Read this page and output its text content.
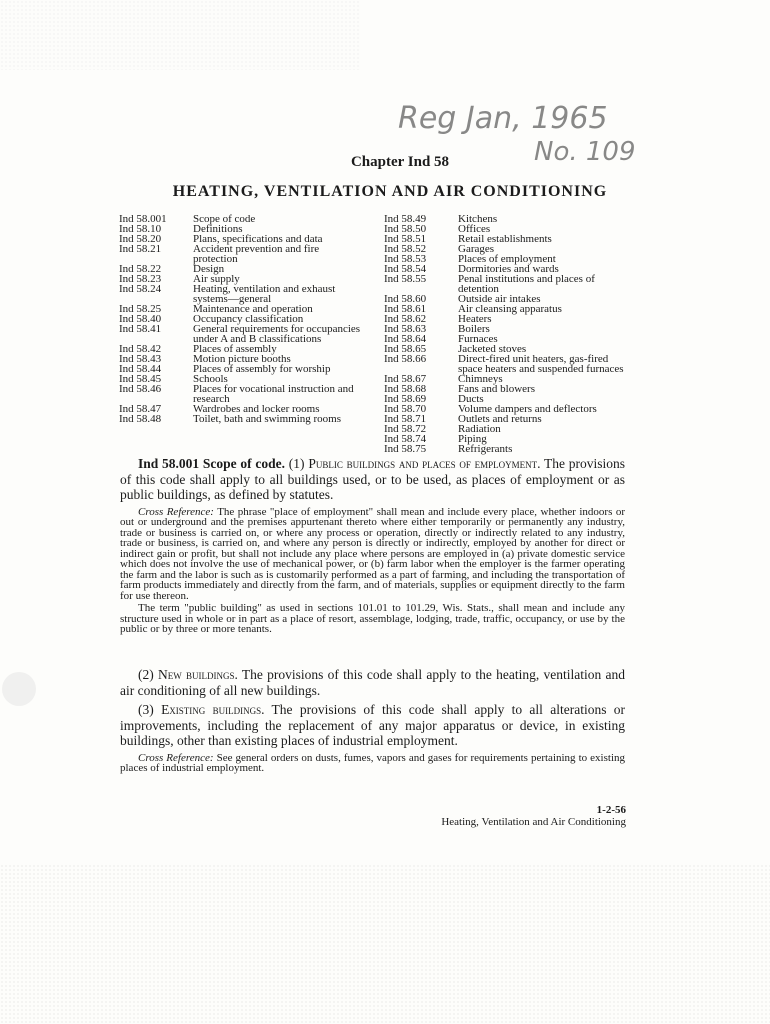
Reg Jan, 1965
No. 109
Chapter Ind 58
HEATING, VENTILATION AND AIR CONDITIONING
Ind 58.001	Scope of code
Ind 58.10	Definitions
Ind 58.20	Plans, specifications and data
Ind 58.21	Accident prevention and fire protection
Ind 58.22	Design
Ind 58.23	Air supply
Ind 58.24	Heating, ventilation and exhaust systems—general
Ind 58.25	Maintenance and operation
Ind 58.40	Occupancy classification
Ind 58.41	General requirements for occupancies under A and B classifications
Ind 58.42	Places of assembly
Ind 58.43	Motion picture booths
Ind 58.44	Places of assembly for worship
Ind 58.45	Schools
Ind 58.46	Places for vocational instruction and research
Ind 58.47	Wardrobes and locker rooms
Ind 58.48	Toilet, bath and swimming rooms
Ind 58.49	Kitchens
Ind 58.50	Offices
Ind 58.51	Retail establishments
Ind 58.52	Garages
Ind 58.53	Places of employment
Ind 58.54	Dormitories and wards
Ind 58.55	Penal institutions and places of detention
Ind 58.60	Outside air intakes
Ind 58.61	Air cleansing apparatus
Ind 58.62	Heaters
Ind 58.63	Boilers
Ind 58.64	Furnaces
Ind 58.65	Jacketed stoves
Ind 58.66	Direct-fired unit heaters, gas-fired space heaters and suspended furnaces
Ind 58.67	Chimneys
Ind 58.68	Fans and blowers
Ind 58.69	Ducts
Ind 58.70	Volume dampers and deflectors
Ind 58.71	Outlets and returns
Ind 58.72	Radiation
Ind 58.74	Piping
Ind 58.75	Refrigerants

Ind 58.001 Scope of code. (1) Public buildings and places of employment. The provisions of this code shall apply to all buildings used, or to be used, as places of employment or as public buildings, as defined by statutes.

Cross Reference: The phrase "place of employment" shall mean and include every place, whether indoors or out or underground and the premises appurtenant thereto where either temporarily or permanently any industry, trade or business is carried on, or where any process or operation, directly or indirectly related to any industry, trade or business, is carried on, and where any person is directly or indirectly, employed by another for direct or indirect gain or profit, but shall not include any place where persons are employed in (a) private domestic service which does not involve the use of mechanical power, or (b) farm labor when the employer is the farmer operating the farm and the labor is such as is customarily performed as a part of farming, and including the transportation of farm products immediately and directly from the farm, and of materials, supplies or equipment directly to the farm for use thereon.

The term "public building" as used in sections 101.01 to 101.29, Wis. Stats., shall mean and include any structure used in whole or in part as a place of resort, assemblage, lodging, trade, traffic, occupancy, or use by the public or by three or more tenants.

(2) New buildings. The provisions of this code shall apply to the heating, ventilation and air conditioning of all new buildings.

(3) Existing buildings. The provisions of this code shall apply to all alterations or improvements, including the replacement of any major apparatus or device, in existing buildings, other than existing places of industrial employment.

Cross Reference: See general orders on dusts, fumes, vapors and gases for requirements pertaining to existing places of industrial employment.

1-2-56
Heating, Ventilation and Air Conditioning
